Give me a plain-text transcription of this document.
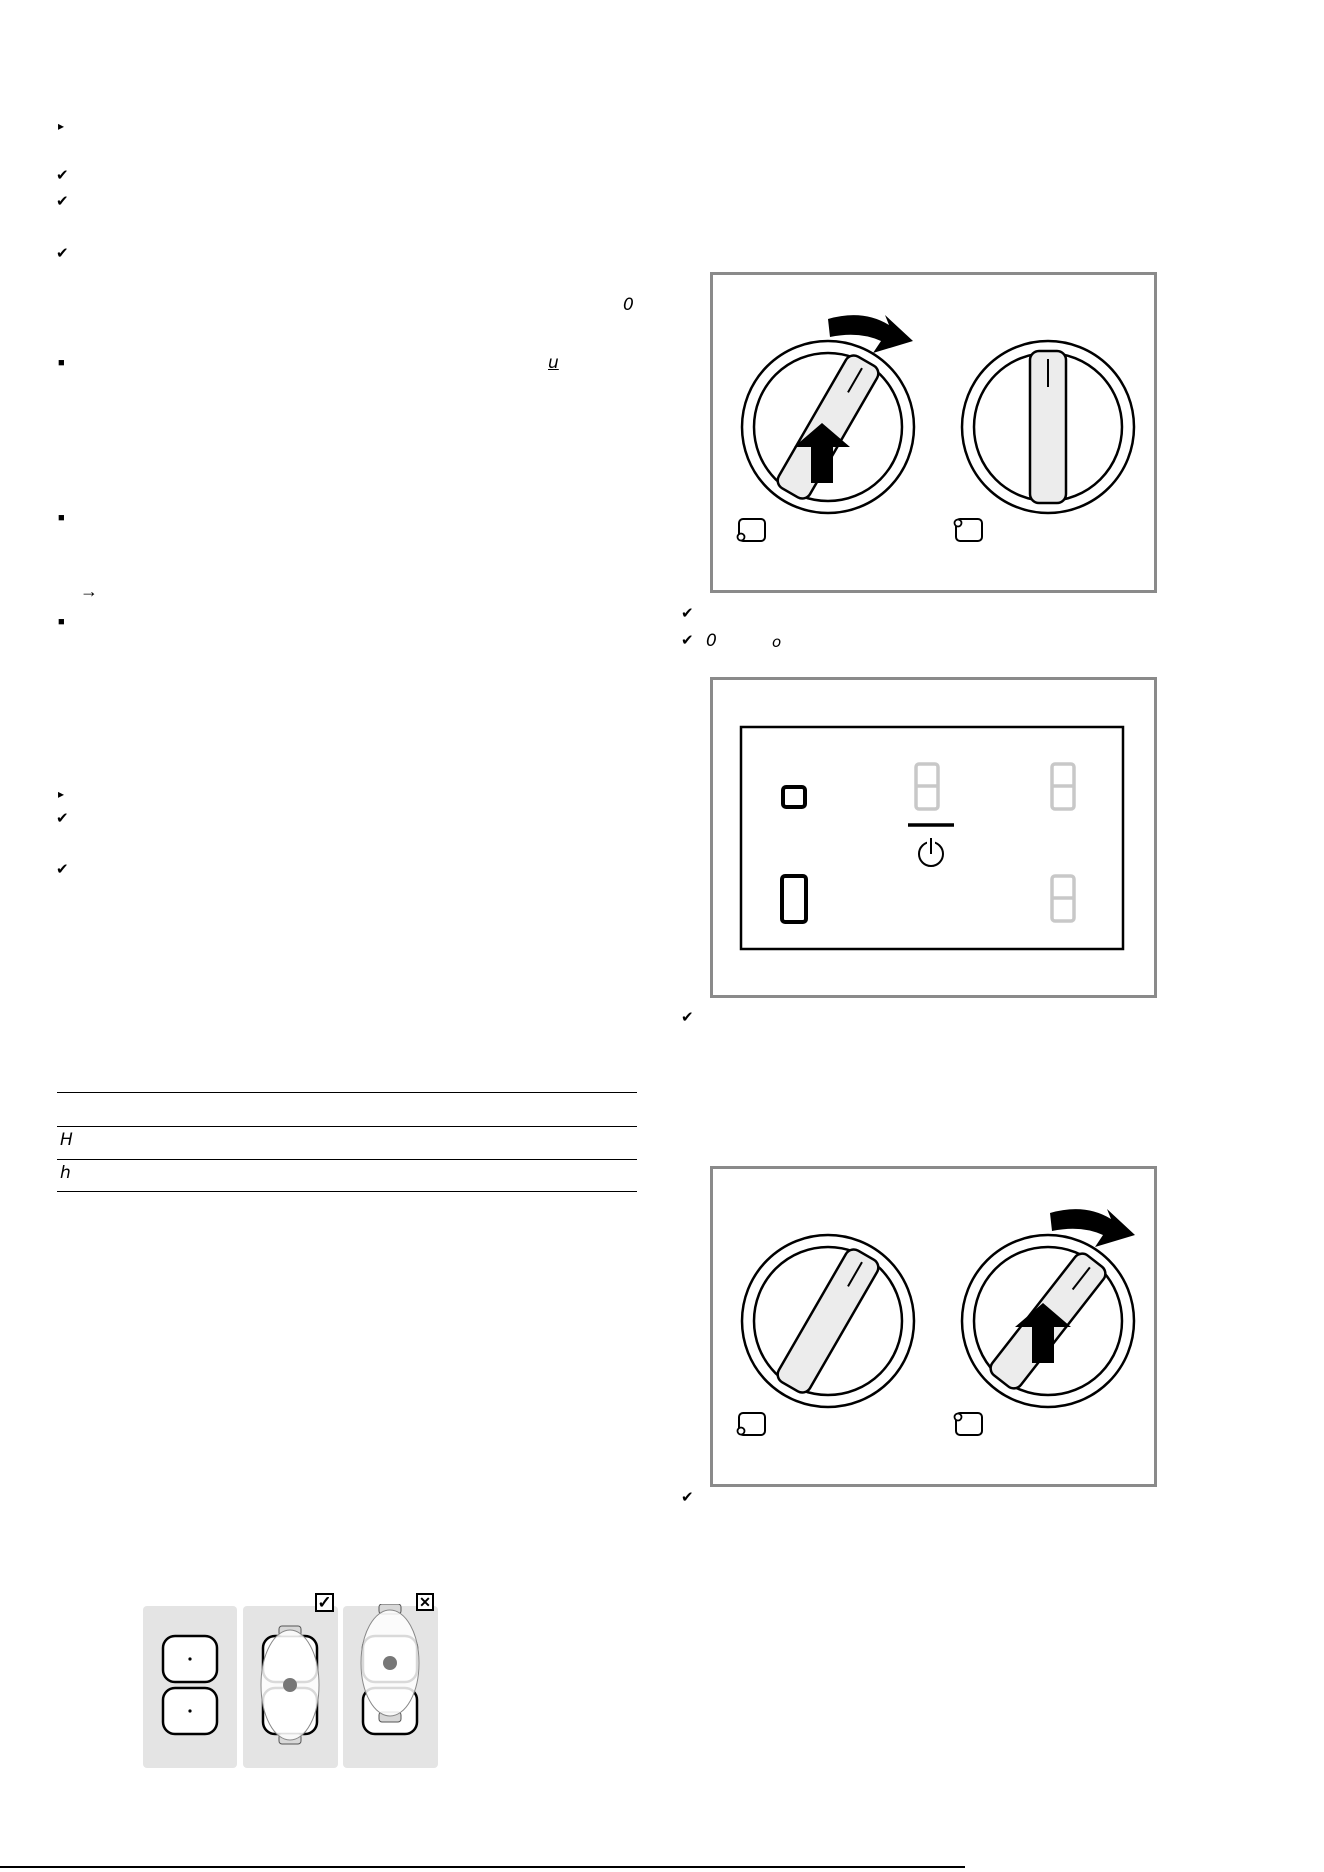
▸
✔
✔
✔
0
■	u
■
→
■
▸
✔
✔
H
h
✓	✕
✔
✔ 0	o
✔
✔
